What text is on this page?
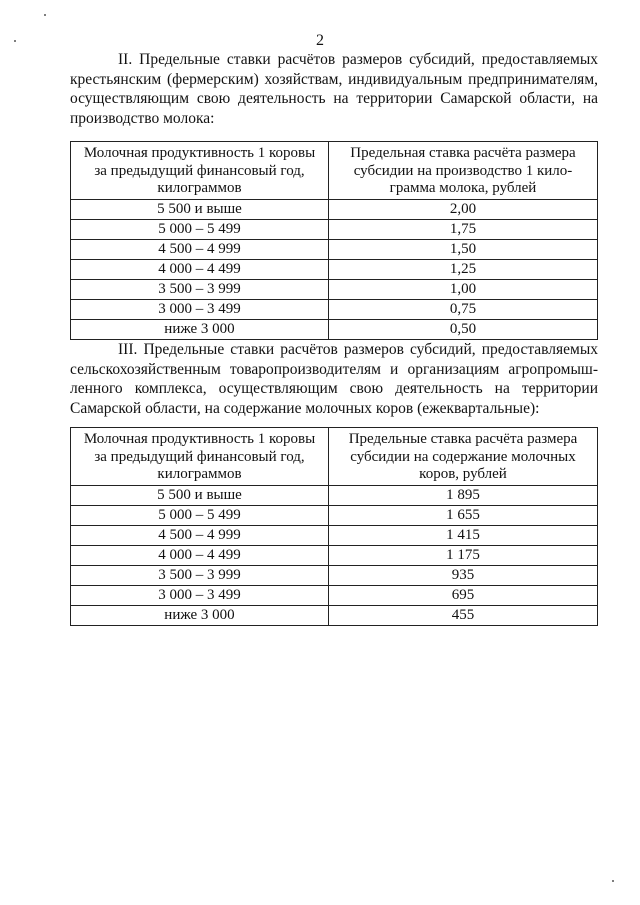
2
II. Предельные ставки расчётов размеров субсидий, предоставляемых крестьянским (фермерским) хозяйствам, индивидуальным предпринимателям, осуществляющим свою деятельность на территории Самарской области, на производство молока:
Молочная продуктивность 1 коровы за предыдущий финансовый год, килограммов	Предельная ставка расчёта размера субсидии на производство 1 килограмма молока, рублей
5 500 и выше	2,00
5 000 – 5 499	1,75
4 500 – 4 999	1,50
4 000 – 4 499	1,25
3 500 – 3 999	1,00
3 000 – 3 499	0,75
ниже 3 000	0,50
III. Предельные ставки расчётов размеров субсидий, предоставляемых сельскохозяйственным товаропроизводителям и организациям агропромышленного комплекса, осуществляющим свою деятельность на территории Самарской области, на содержание молочных коров (ежеквартальные):
Молочная продуктивность 1 коровы за предыдущий финансовый год, килограммов	Предельные ставка расчёта размера субсидии на содержание молочных коров, рублей
5 500 и выше	1 895
5 000 – 5 499	1 655
4 500 – 4 999	1 415
4 000 – 4 499	1 175
3 500 – 3 999	935
3 000 – 3 499	695
ниже 3 000	455
